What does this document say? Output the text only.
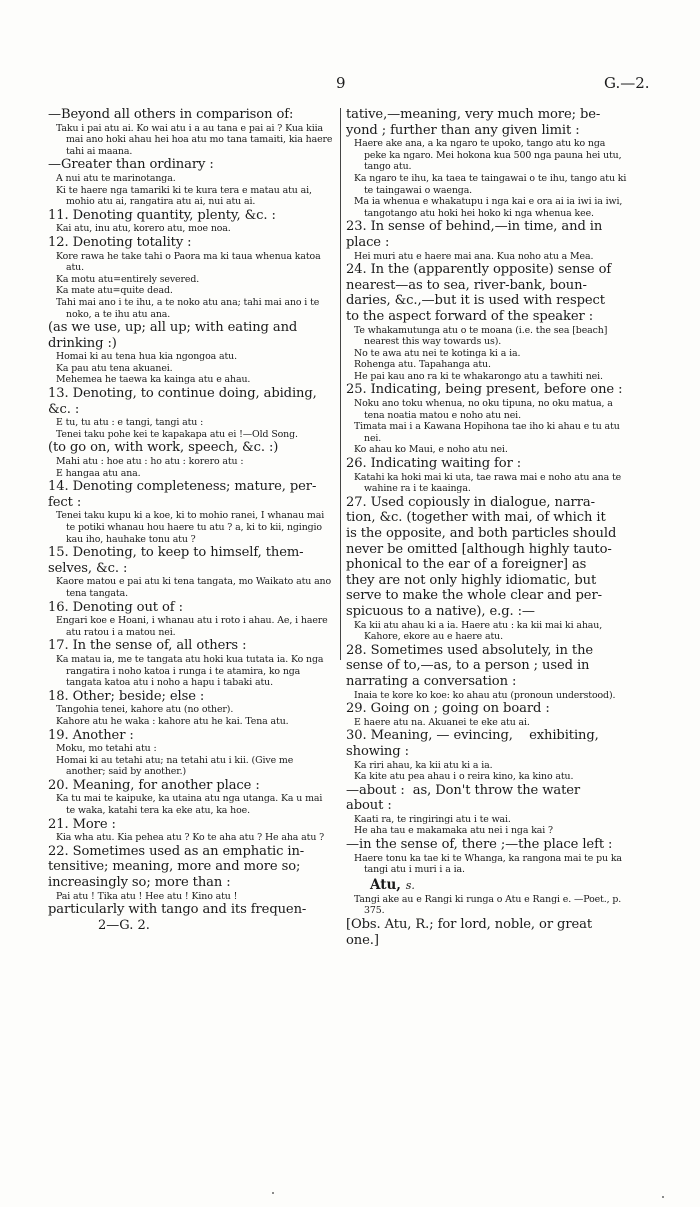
9	G.—2.

—Beyond all others in comparison of:

Taku i pai atu ai. Ko wai atu i a au tana e pai ai ? Kua kiia mai ano hoki ahau hei hoa atu mo tana tamaiti, kia haere tahi ai maana.

—Greater than ordinary :

A nui atu te marinotanga.

Ki te haere nga tamariki ki te kura tera e matau atu ai, mohio atu ai, rangatira atu ai, nui atu ai.

11. Denoting quantity, plenty, &c. :

Kai atu, inu atu, korero atu, moe noa.

12. Denoting totality :

Kore rawa he take tahi o Paora ma ki taua whenua katoa atu.

Ka motu atu=entirely severed.

Ka mate atu=quite dead.

Tahi mai ano i te ihu, a te noko atu ana; tahi mai ano i te noko, a te ihu atu ana.

(as we use, up; all up; with eating and

drinking :)

Homai ki au tena hua kia ngongoa atu.

Ka pau atu tena akuanei.

Mehemea he taewa ka kainga atu e ahau.

13. Denoting, to continue doing, abiding,

&c. :

E tu, tu atu : e tangi, tangi atu :

Tenei taku pohe kei te kapakapa atu ei !—Old Song.

(to go on, with work, speech, &c. :)

Mahi atu : hoe atu : ho atu : korero atu :

E hangaa atu ana.

14. Denoting completeness; mature, per-

fect :

Tenei taku kupu ki a koe, ki to mohio ranei, I whanau mai te potiki whanau hou haere tu atu ? a, ki to kii, ngingio kau iho, hauhake tonu atu ?

15. Denoting, to keep to himself, them-

selves, &c. :

Kaore matou e pai atu ki tena tangata, mo Waikato atu ano tena tangata.

16. Denoting out of :

Engari koe e Hoani, i whanau atu i roto i ahau. Ae, i haere atu ratou i a matou nei.

17. In the sense of, all others :

Ka matau ia, me te tangata atu hoki kua tutata ia. Ko nga rangatira i noho katoa i runga i te atamira, ko nga tangata katoa atu i noho a hapu i tabaki atu.

18. Other; beside; else :

Tangohia tenei, kahore atu (no other).

Kahore atu he waka : kahore atu he kai. Tena atu.

19. Another :

Moku, mo tetahi atu :

Homai ki au tetahi atu; na tetahi atu i kii. (Give me another; said by another.)

20. Meaning, for another place :

Ka tu mai te kaipuke, ka utaina atu nga utanga. Ka u mai te waka, katahi tera ka eke atu, ka hoe.

21. More :

Kia wha atu. Kia pehea atu ? Ko te aha atu ? He aha atu ?

22. Sometimes used as an emphatic in-

tensitive; meaning, more and more so;

increasingly so; more than :

Pai atu ! Tika atu ! Hee atu ! Kino atu !

particularly with tango and its frequen-

2—G. 2.

tative,—meaning, very much more; be-

yond ; further than any given limit :

Haere ake ana, a ka ngaro te upoko, tango atu ko nga peke ka ngaro. Mei hokona kua 500 nga pauna hei utu, tango atu.

Ka ngaro te ihu, ka taea te taingawai o te ihu, tango atu ki te taingawai o waenga.

Ma ia whenua e whakatupu i nga kai e ora ai ia iwi ia iwi, tangotango atu hoki hei hoko ki nga whenua kee.

23. In sense of behind,—in time, and in

place :

Hei muri atu e haere mai ana. Kua noho atu a Mea.

24. In the (apparently opposite) sense of

nearest—as to sea, river-bank, boun-

daries, &c.,—but it is used with respect

to the aspect forward of the speaker :

Te whakamutunga atu o te moana (i.e. the sea [beach] nearest this way towards us).

No te awa atu nei te kotinga ki a ia.

Rohenga atu. Tapahanga atu.

He pai kau ano ra ki te whakarongo atu a tawhiti nei.

25. Indicating, being present, before one :

Noku ano toku whenua, no oku tipuna, no oku matua, a tena noatia matou e noho atu nei.

Timata mai i a Kawana Hopihona tae iho ki ahau e tu atu nei.

Ko ahau ko Maui, e noho atu nei.

26. Indicating waiting for :

Katahi ka hoki mai ki uta, tae rawa mai e noho atu ana te wahine ra i te kaainga.

27. Used copiously in dialogue, narra-

tion, &c. (together with mai, of which it

is the opposite, and both particles should

never be omitted [although highly tauto-

phonical to the ear of a foreigner] as

they are not only highly idiomatic, but

serve to make the whole clear and per-

spicuous to a native), e.g. :—

Ka kii atu ahau ki a ia. Haere atu : ka kii mai ki ahau, Kahore, ekore au e haere atu.

28. Sometimes used absolutely, in the

sense of to,—as, to a person ; used in

narrating a conversation :

Inaia te kore ko koe: ko ahau atu (pronoun understood).

29. Going on ; going on board :

E haere atu na. Akuanei te eke atu ai.

30. Meaning, — evincing,    exhibiting,

showing :

Ka riri ahau, ka kii atu ki a ia.

Ka kite atu pea ahau i o reira kino, ka kino atu.

—about :  as, Don't throw the water

about :

Kaati ra, te ringiringi atu i te wai.

He aha tau e makamaka atu nei i nga kai ?

—in the sense of, there ;—the place left :

Haere tonu ka tae ki te Whanga, ka rangona mai te pu ka tangi atu i muri i a ia.

Atu, s.

Tangi ake au e Rangi ki runga o Atu e Rangi e. —Poet., p. 375.

[Obs. Atu, R.; for lord, noble, or great

one.]
